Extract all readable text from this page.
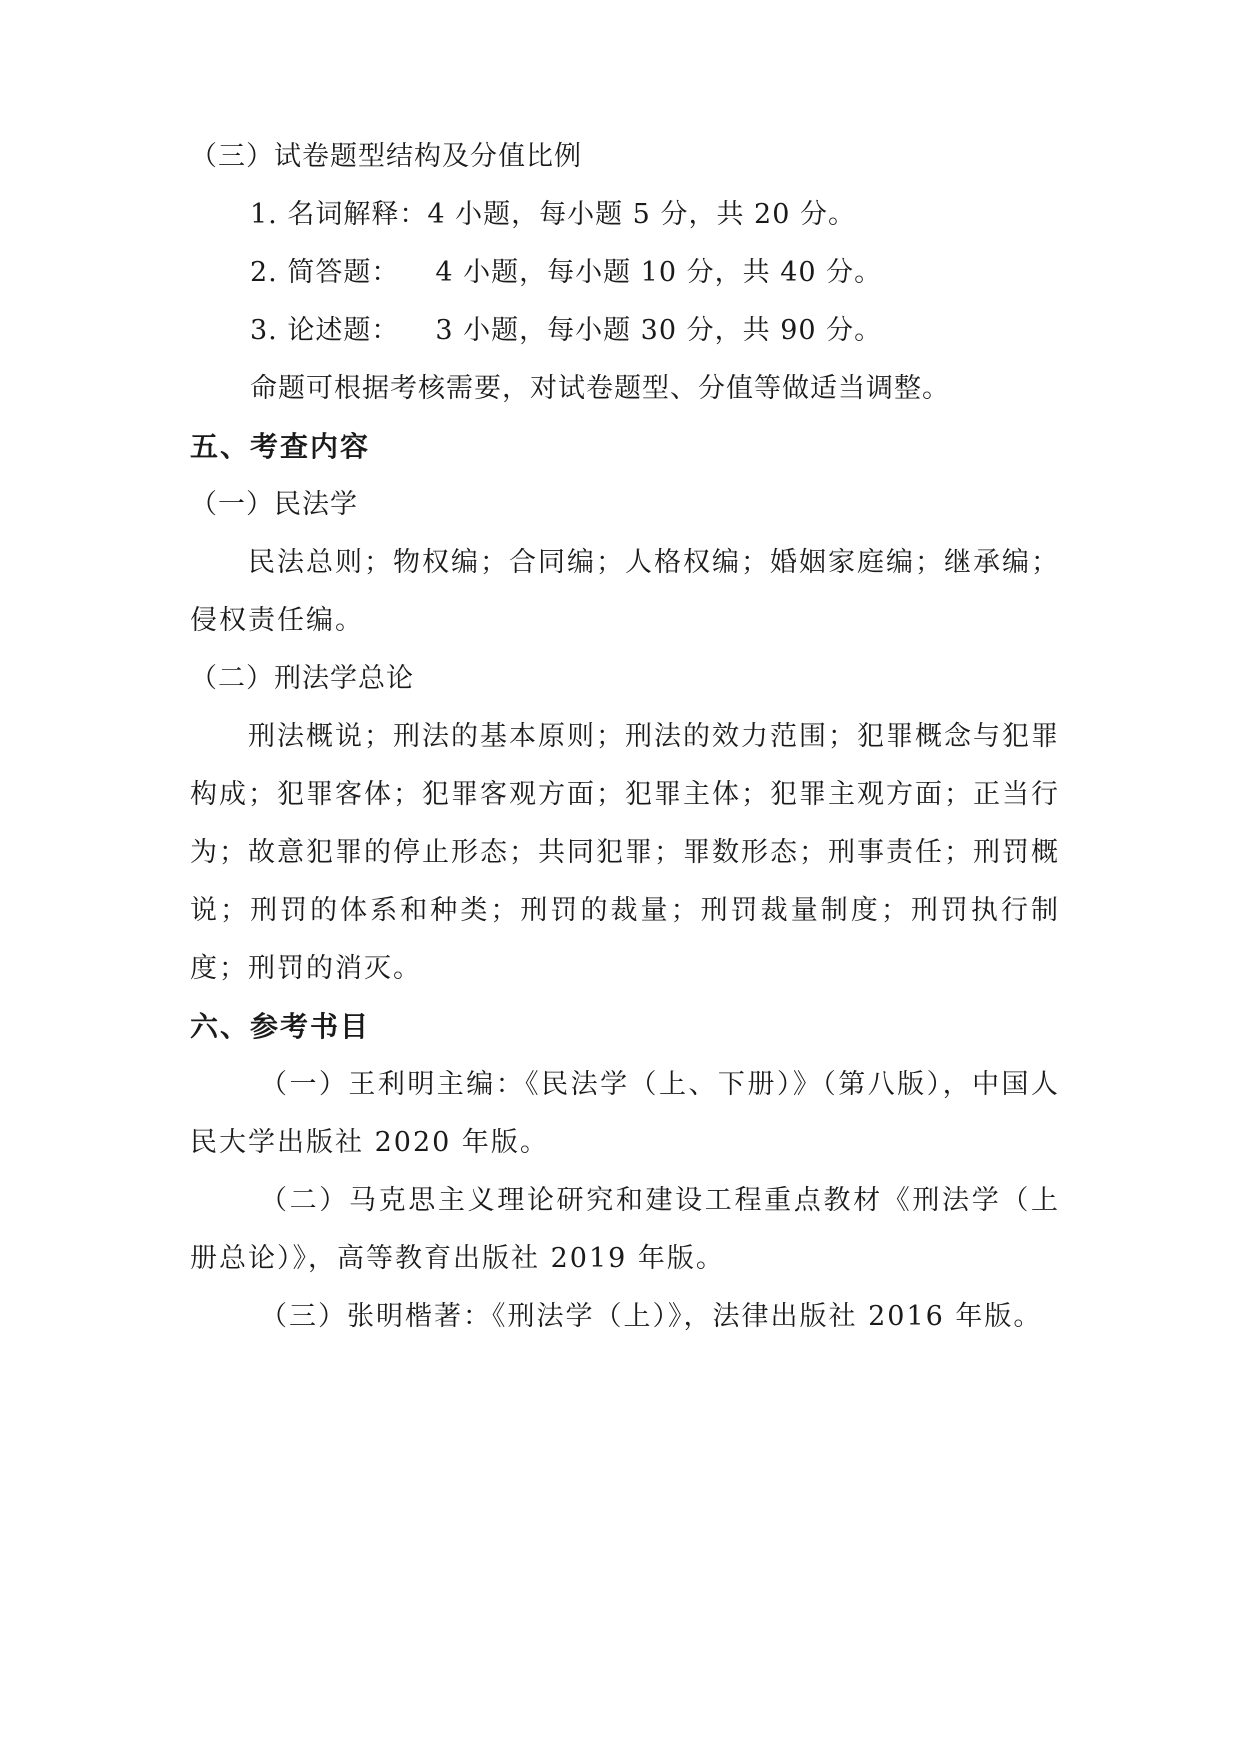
（三）试卷题型结构及分值比例
1. 名词解释：4 小题，每小题 5 分，共 20 分。
2. 简答题： 4 小题，每小题 10 分，共 40 分。
3. 论述题： 3 小题，每小题 30 分，共 90 分。
命题可根据考核需要，对试卷题型、分值等做适当调整。
五、考查内容
（一）民法学
民法总则；物权编；合同编；人格权编；婚姻家庭编；继承编；侵权责任编。
（二）刑法学总论
刑法概说；刑法的基本原则；刑法的效力范围；犯罪概念与犯罪构成；犯罪客体；犯罪客观方面；犯罪主体；犯罪主观方面；正当行为；故意犯罪的停止形态；共同犯罪；罪数形态；刑事责任；刑罚概说；刑罚的体系和种类；刑罚的裁量；刑罚裁量制度；刑罚执行制度；刑罚的消灭。
六、参考书目
（一）王利明主编：《民法学（上、下册）》（第八版），中国人民大学出版社 2020 年版。
（二）马克思主义理论研究和建设工程重点教材《刑法学（上册总论）》，高等教育出版社 2019 年版。
（三）张明楷著：《刑法学（上）》，法律出版社 2016 年版。
